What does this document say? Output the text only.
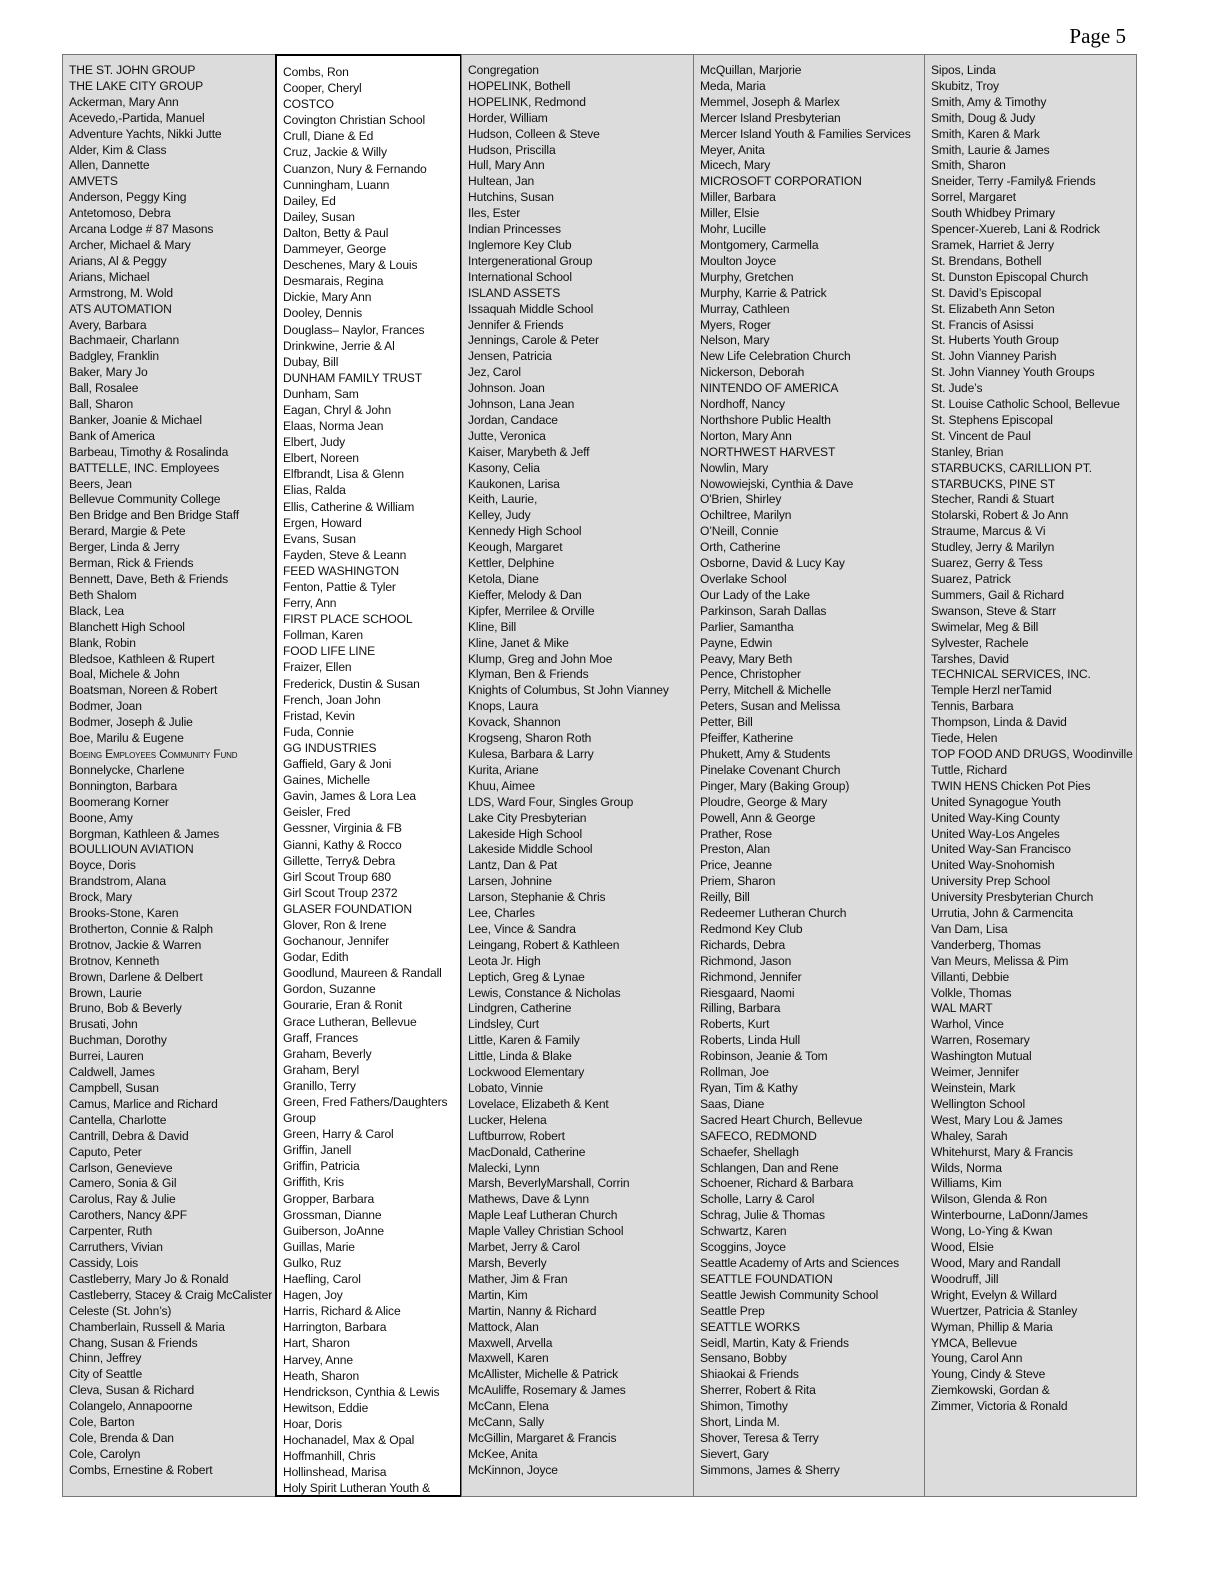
Page 5
THE ST. JOHN GROUP
THE LAKE CITY GROUP
Ackerman, Mary Ann
Acevedo,-Partida, Manuel
Adventure Yachts, Nikki Jutte
Alder, Kim & Class
Allen, Dannette
AMVETS
Anderson, Peggy King
Antetomoso, Debra
Arcana Lodge # 87 Masons
Archer, Michael & Mary
Arians, Al & Peggy
Arians, Michael
Armstrong, M. Wold
ATS AUTOMATION
Avery, Barbara
Bachmaeir, Charlann
Badgley, Franklin
Baker, Mary Jo
Ball, Rosalee
Ball, Sharon
Banker, Joanie & Michael
Bank of America
Barbeau, Timothy & Rosalinda
BATTELLE, INC. Employees
Beers, Jean
Bellevue Community College
Ben Bridge and Ben Bridge Staff
Berard, Margie & Pete
Berger, Linda & Jerry
Berman, Rick & Friends
Bennett, Dave, Beth & Friends
Beth Shalom
Black, Lea
Blanchett High School
Blank, Robin
Bledsoe, Kathleen & Rupert
Boal, Michele & John
Boatsman, Noreen & Robert
Bodmer, Joan
Bodmer, Joseph & Julie
Boe, Marilu & Eugene
Boeing Employees Community Fund
Bonnelycke, Charlene
Bonnington, Barbara
Boomerang Korner
Boone, Amy
Borgman, Kathleen & James
BOULLIOUN AVIATION
Boyce, Doris
Brandstrom, Alana
Brock, Mary
Brooks-Stone, Karen
Brotherton, Connie & Ralph
Brotnov, Jackie & Warren
Brotnov, Kenneth
Brown, Darlene & Delbert
Brown, Laurie
Bruno, Bob & Beverly
Brusati, John
Buchman, Dorothy
Burrei, Lauren
Caldwell, James
Campbell, Susan
Camus, Marlice and Richard
Cantella, Charlotte
Cantrill, Debra & David
Caputo, Peter
Carlson, Genevieve
Camero, Sonia & Gil
Carolus, Ray & Julie
Carothers, Nancy &PF
Carpenter, Ruth
Carruthers, Vivian
Cassidy, Lois
Castleberry, Mary Jo & Ronald
Castleberry, Stacey & Craig McCalister
Celeste (St. John’s)
Chamberlain, Russell & Maria
Chang, Susan & Friends
Chinn, Jeffrey
City of Seattle
Cleva, Susan & Richard
Colangelo, Annapoorne
Cole, Barton
Cole, Brenda & Dan
Cole, Carolyn
Combs, Ernestine & Robert
Combs, Ron
Cooper, Cheryl
COSTCO
Covington Christian School
Crull, Diane & Ed
Cruz, Jackie & Willy
Cuanzon, Nury & Fernando
Cunningham, Luann
Dailey, Ed
Dailey, Susan
Dalton, Betty & Paul
Dammeyer, George
Deschenes, Mary & Louis
Desmarais, Regina
Dickie, Mary Ann
Dooley, Dennis
Douglass– Naylor, Frances
Drinkwine, Jerrie & Al
Dubay, Bill
DUNHAM FAMILY TRUST
Dunham, Sam
Eagan, Chryl & John
Elaas, Norma Jean
Elbert, Judy
Elbert, Noreen
Elfbrandt, Lisa & Glenn
Elias, Ralda
Ellis, Catherine & William
Ergen, Howard
Evans, Susan
Fayden, Steve & Leann
FEED WASHINGTON
Fenton, Pattie & Tyler
Ferry, Ann
FIRST PLACE SCHOOL
Follman, Karen
FOOD LIFE LINE
Fraizer, Ellen
Frederick, Dustin & Susan
French, Joan John
Fristad, Kevin
Fuda, Connie
GG INDUSTRIES
Gaffield, Gary & Joni
Gaines, Michelle
Gavin, James & Lora Lea
Geisler, Fred
Gessner, Virginia & FB
Gianni, Kathy & Rocco
Gillette, Terry& Debra
Girl Scout Troup 680
Girl Scout Troup 2372
GLASER FOUNDATION
Glover, Ron & Irene
Gochanour, Jennifer
Godar, Edith
Goodlund, Maureen & Randall
Gordon, Suzanne
Gourarie, Eran & Ronit
Grace Lutheran, Bellevue
Graff, Frances
Graham, Beverly
Graham, Beryl
Granillo, Terry
Green, Fred Fathers/Daughters
Group
Green, Harry & Carol
Griffin, Janell
Griffin, Patricia
Griffith, Kris
Gropper, Barbara
Grossman, Dianne
Guiberson, JoAnne
Guillas, Marie
Gulko, Ruz
Haefling, Carol
Hagen, Joy
Harris, Richard & Alice
Harrington, Barbara
Hart, Sharon
Harvey, Anne
Heath, Sharon
Hendrickson, Cynthia & Lewis
Hewitson, Eddie
Hoar, Doris
Hochanadel, Max & Opal
Hoffmanhill, Chris
Hollinshead, Marisa
Holy Spirit Lutheran Youth &
Congregation
HOPELINK, Bothell
HOPELINK, Redmond
Horder, William
Hudson, Colleen & Steve
Hudson, Priscilla
Hull, Mary Ann
Hultean, Jan
Hutchins, Susan
Iles, Ester
Indian Princesses
Inglemore Key Club
Intergenerational Group
International School
ISLAND ASSETS
Issaquah Middle School
Jennifer & Friends
Jennings, Carole & Peter
Jensen, Patricia
Jez, Carol
Johnson. Joan
Johnson, Lana Jean
Jordan, Candace
Jutte, Veronica
Kaiser, Marybeth & Jeff
Kasony, Celia
Kaukonen, Larisa
Keith, Laurie,
Kelley, Judy
Kennedy High School
Keough, Margaret
Kettler, Delphine
Ketola, Diane
Kieffer, Melody & Dan
Kipfer, Merrilee & Orville
Kline, Bill
Kline, Janet & Mike
Klump, Greg and John Moe
Klyman, Ben & Friends
Knights of Columbus, St John Vianney
Knops, Laura
Kovack, Shannon
Krogseng, Sharon Roth
Kulesa, Barbara & Larry
Kurita, Ariane
Khuu, Aimee
LDS, Ward Four, Singles Group
Lake City Presbyterian
Lakeside High School
Lakeside Middle School
Lantz, Dan & Pat
Larsen, Johnine
Larson, Stephanie & Chris
Lee, Charles
Lee, Vince & Sandra
Leingang, Robert & Kathleen
Leota Jr. High
Leptich, Greg & Lynae
Lewis, Constance & Nicholas
Lindgren, Catherine
Lindsley, Curt
Little, Karen & Family
Little, Linda & Blake
Lockwood Elementary
Lobato, Vinnie
Lovelace, Elizabeth & Kent
Lucker, Helena
Luftburrow, Robert
MacDonald, Catherine
Malecki, Lynn
Marsh, BeverlyMarshall, Corrin
Mathews, Dave & Lynn
Maple Leaf Lutheran Church
Maple Valley Christian School
Marbet, Jerry & Carol
Marsh, Beverly
Mather, Jim & Fran
Martin, Kim
Martin, Nanny & Richard
Mattock, Alan
Maxwell, Arvella
Maxwell, Karen
McAllister, Michelle & Patrick
McAuliffe, Rosemary & James
McCann, Elena
McCann, Sally
McGillin, Margaret & Francis
McKee, Anita
McKinnon, Joyce
McQuillan, Marjorie
Meda, Maria
Memmel, Joseph & Marlex
Mercer Island Presbyterian
Mercer Island Youth & Families Services
Meyer, Anita
Micech, Mary
MICROSOFT CORPORATION
Miller, Barbara
Miller, Elsie
Mohr, Lucille
Montgomery, Carmella
Moulton Joyce
Murphy, Gretchen
Murphy, Karrie & Patrick
Murray, Cathleen
Myers, Roger
Nelson, Mary
New Life Celebration Church
Nickerson, Deborah
NINTENDO OF AMERICA
Nordhoff, Nancy
Northshore Public Health
Norton, Mary Ann
NORTHWEST HARVEST
Nowlin, Mary
Nowowiejski, Cynthia & Dave
O'Brien, Shirley
Ochiltree, Marilyn
O’Neill, Connie
Orth, Catherine
Osborne, David & Lucy Kay
Overlake School
Our Lady of the Lake
Parkinson, Sarah Dallas
Parlier, Samantha
Payne, Edwin
Peavy, Mary Beth
Pence, Christopher
Perry, Mitchell & Michelle
Peters, Susan and Melissa
Petter, Bill
Pfeiffer, Katherine
Phukett, Amy & Students
Pinelake Covenant Church
Pinger, Mary (Baking Group)
Ploudre, George & Mary
Powell, Ann & George
Prather, Rose
Preston, Alan
Price, Jeanne
Priem, Sharon
Reilly, Bill
Redeemer Lutheran Church
Redmond Key Club
Richards, Debra
Richmond, Jason
Richmond, Jennifer
Riesgaard, Naomi
Rilling, Barbara
Roberts, Kurt
Roberts, Linda Hull
Robinson, Jeanie & Tom
Rollman, Joe
Ryan, Tim & Kathy
Saas, Diane
Sacred Heart Church, Bellevue
SAFECO, REDMOND
Schaefer, Shellagh
Schlangen, Dan and Rene
Schoener, Richard & Barbara
Scholle, Larry & Carol
Schrag, Julie & Thomas
Schwartz, Karen
Scoggins, Joyce
Seattle Academy of Arts and Sciences
SEATTLE FOUNDATION
Seattle Jewish Community School
Seattle Prep
SEATTLE WORKS
Seidl, Martin, Katy & Friends
Sensano, Bobby
Shiaokai & Friends
Sherrer, Robert & Rita
Shimon, Timothy
Short, Linda M.
Shover, Teresa & Terry
Sievert, Gary
Simmons, James & Sherry
Sipos, Linda
Skubitz, Troy
Smith, Amy & Timothy
Smith, Doug & Judy
Smith, Karen & Mark
Smith, Laurie & James
Smith, Sharon
Sneider, Terry -Family& Friends
Sorrel, Margaret
South Whidbey Primary
Spencer-Xuereb, Lani & Rodrick
Sramek, Harriet & Jerry
St. Brendans, Bothell
St. Dunston Episcopal Church
St. David’s Episcopal
St. Elizabeth Ann Seton
St. Francis of Asissi
St. Huberts Youth Group
St. John Vianney Parish
St. John Vianney Youth Groups
St. Jude’s
St. Louise Catholic School, Bellevue
St. Stephens Episcopal
St. Vincent de Paul
Stanley, Brian
STARBUCKS, CARILLION PT.
STARBUCKS, PINE ST
Stecher, Randi & Stuart
Stolarski, Robert & Jo Ann
Straume, Marcus & Vi
Studley, Jerry & Marilyn
Suarez, Gerry & Tess
Suarez, Patrick
Summers, Gail & Richard
Swanson, Steve & Starr
Swimelar, Meg & Bill
Sylvester, Rachele
Tarshes, David
TECHNICAL SERVICES, INC.
Temple Herzl nerTamid
Tennis, Barbara
Thompson, Linda & David
Tiede, Helen
TOP FOOD AND DRUGS, Woodinville
Tuttle, Richard
TWIN HENS Chicken Pot Pies
United Synagogue Youth
United Way-King County
United Way-Los Angeles
United Way-San Francisco
United Way-Snohomish
University Prep School
University Presbyterian Church
Urrutia, John & Carmencita
Van Dam, Lisa
Vanderberg, Thomas
Van Meurs, Melissa & Pim
Villanti, Debbie
Volkle, Thomas
WAL MART
Warhol, Vince
Warren, Rosemary
Washington Mutual
Weimer, Jennifer
Weinstein, Mark
Wellington School
West, Mary Lou & James
Whaley, Sarah
Whitehurst, Mary & Francis
Wilds, Norma
Williams, Kim
Wilson, Glenda & Ron
Winterbourne, LaDonn/James
Wong, Lo-Ying & Kwan
Wood, Elsie
Wood, Mary and Randall
Woodruff, Jill
Wright, Evelyn & Willard
Wuertzer, Patricia & Stanley
Wyman, Phillip & Maria
YMCA, Bellevue
Young, Carol Ann
Young, Cindy & Steve
Ziemkowski, Gordan &
Zimmer, Victoria & Ronald
